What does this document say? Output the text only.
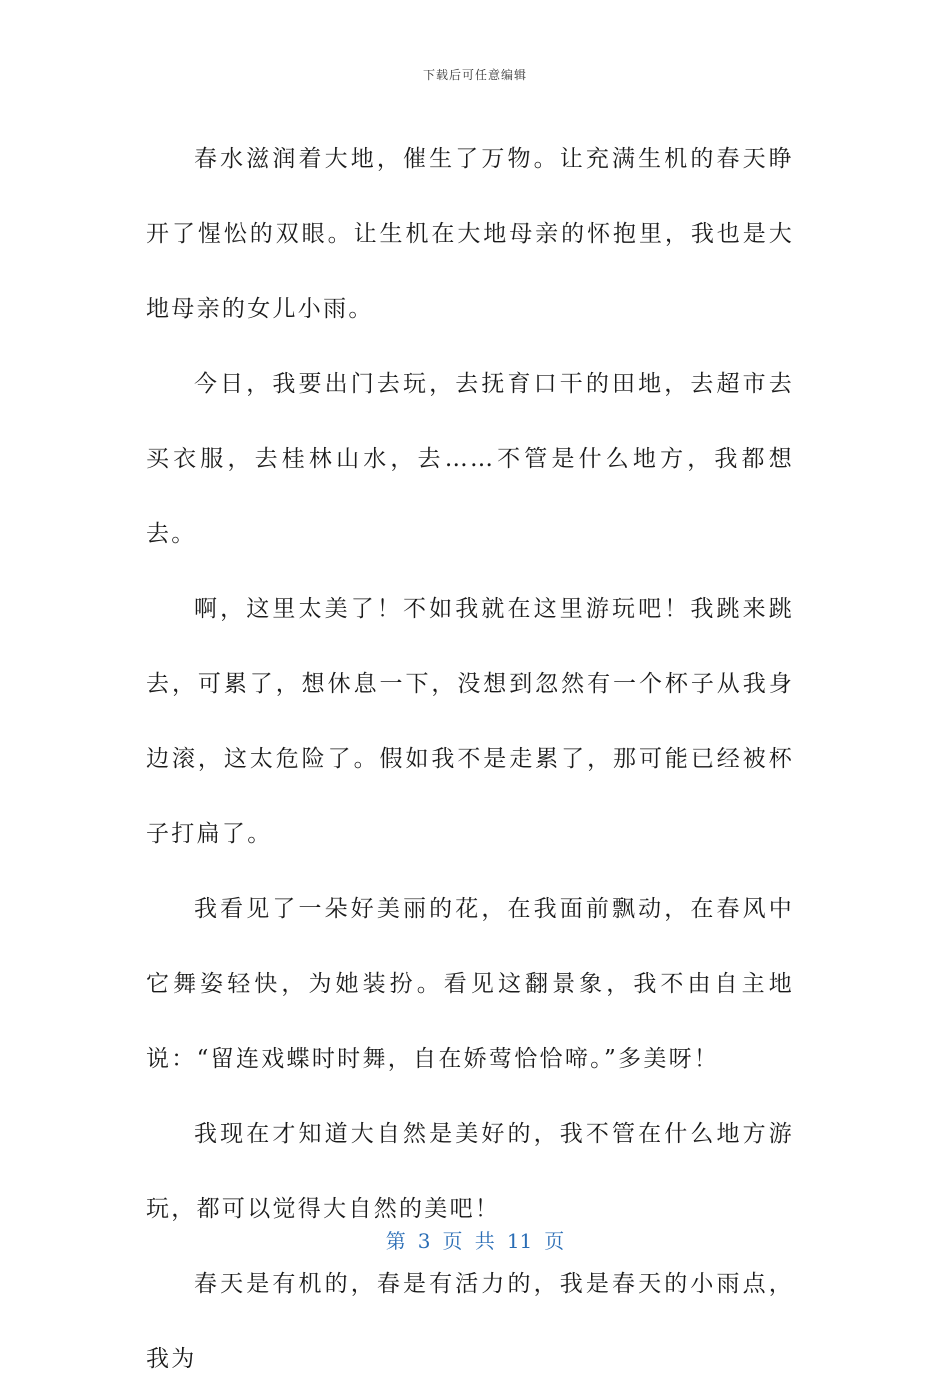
下载后可任意编辑

春水滋润着大地，催生了万物。让充满生机的春天睁开了惺忪的双眼。让生机在大地母亲的怀抱里，我也是大地母亲的女儿小雨。

今日，我要出门去玩，去抚育口干的田地，去超市去买衣服，去桂林山水，去……不管是什么地方，我都想去。

啊，这里太美了！不如我就在这里游玩吧！我跳来跳去，可累了，想休息一下，没想到忽然有一个杯子从我身边滚，这太危险了。假如我不是走累了，那可能已经被杯子打扁了。

我看见了一朵好美丽的花，在我面前飘动，在春风中它舞姿轻快，为她装扮。看见这翻景象，我不由自主地说：“留连戏蝶时时舞，自在娇莺恰恰啼。”多美呀！

我现在才知道大自然是美好的，我不管在什么地方游玩，都可以觉得大自然的美吧！

春天是有机的，春是有活力的，我是春天的小雨点，我为

第 3 页 共 11 页
